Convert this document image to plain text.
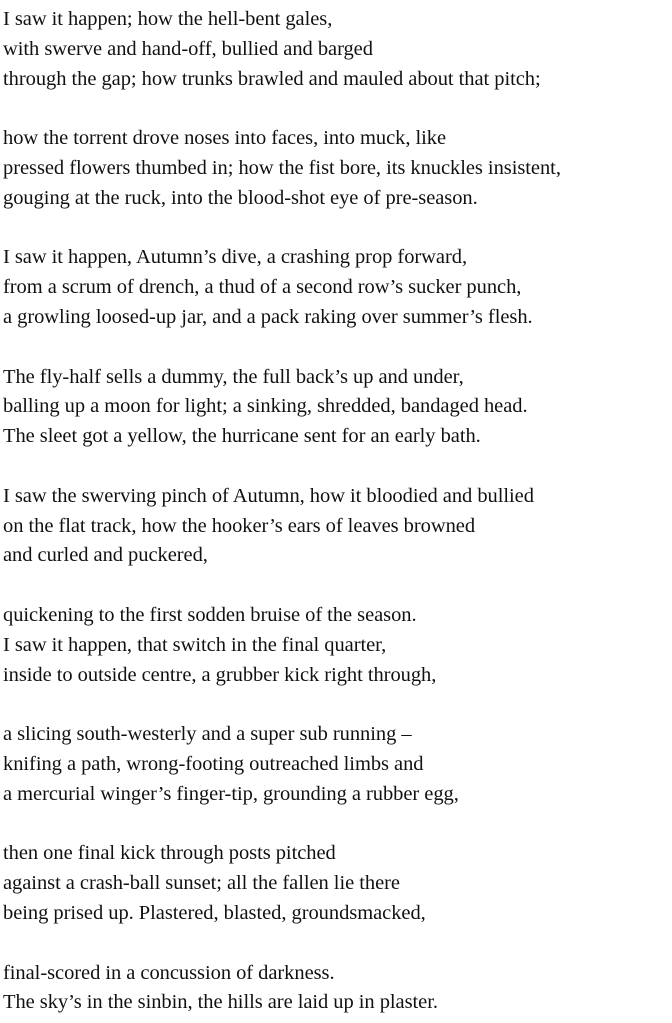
I saw it happen; how the hell-bent gales,
with swerve and hand-off, bullied and barged
through the gap; how trunks brawled and mauled about that pitch;
how the torrent drove noses into faces, into muck, like
pressed flowers thumbed in; how the fist bore, its knuckles insistent,
gouging at the ruck, into the blood-shot eye of pre-season.
I saw it happen, Autumn’s dive, a crashing prop forward,
from a scrum of drench, a thud of a second row’s sucker punch,
a growling loosed-up jar, and a pack raking over summer’s flesh.
The fly-half sells a dummy, the full back’s up and under,
balling up a moon for light; a sinking, shredded, bandaged head.
The sleet got a yellow, the hurricane sent for an early bath.
I saw the swerving pinch of Autumn, how it bloodied and bullied
on the flat track, how the hooker’s ears of leaves browned
and curled and puckered,
quickening to the first sodden bruise of the season.
I saw it happen, that switch in the final quarter,
inside to outside centre, a grubber kick right through,
a slicing south-westerly and a super sub running –
knifing a path, wrong-footing outreached limbs and
a mercurial winger’s finger-tip, grounding a rubber egg,
then one final kick through posts pitched
against a crash-ball sunset; all the fallen lie there
being prised up. Plastered, blasted, groundsmacked,
final-scored in a concussion of darkness.
The sky’s in the sinbin, the hills are laid up in plaster.
